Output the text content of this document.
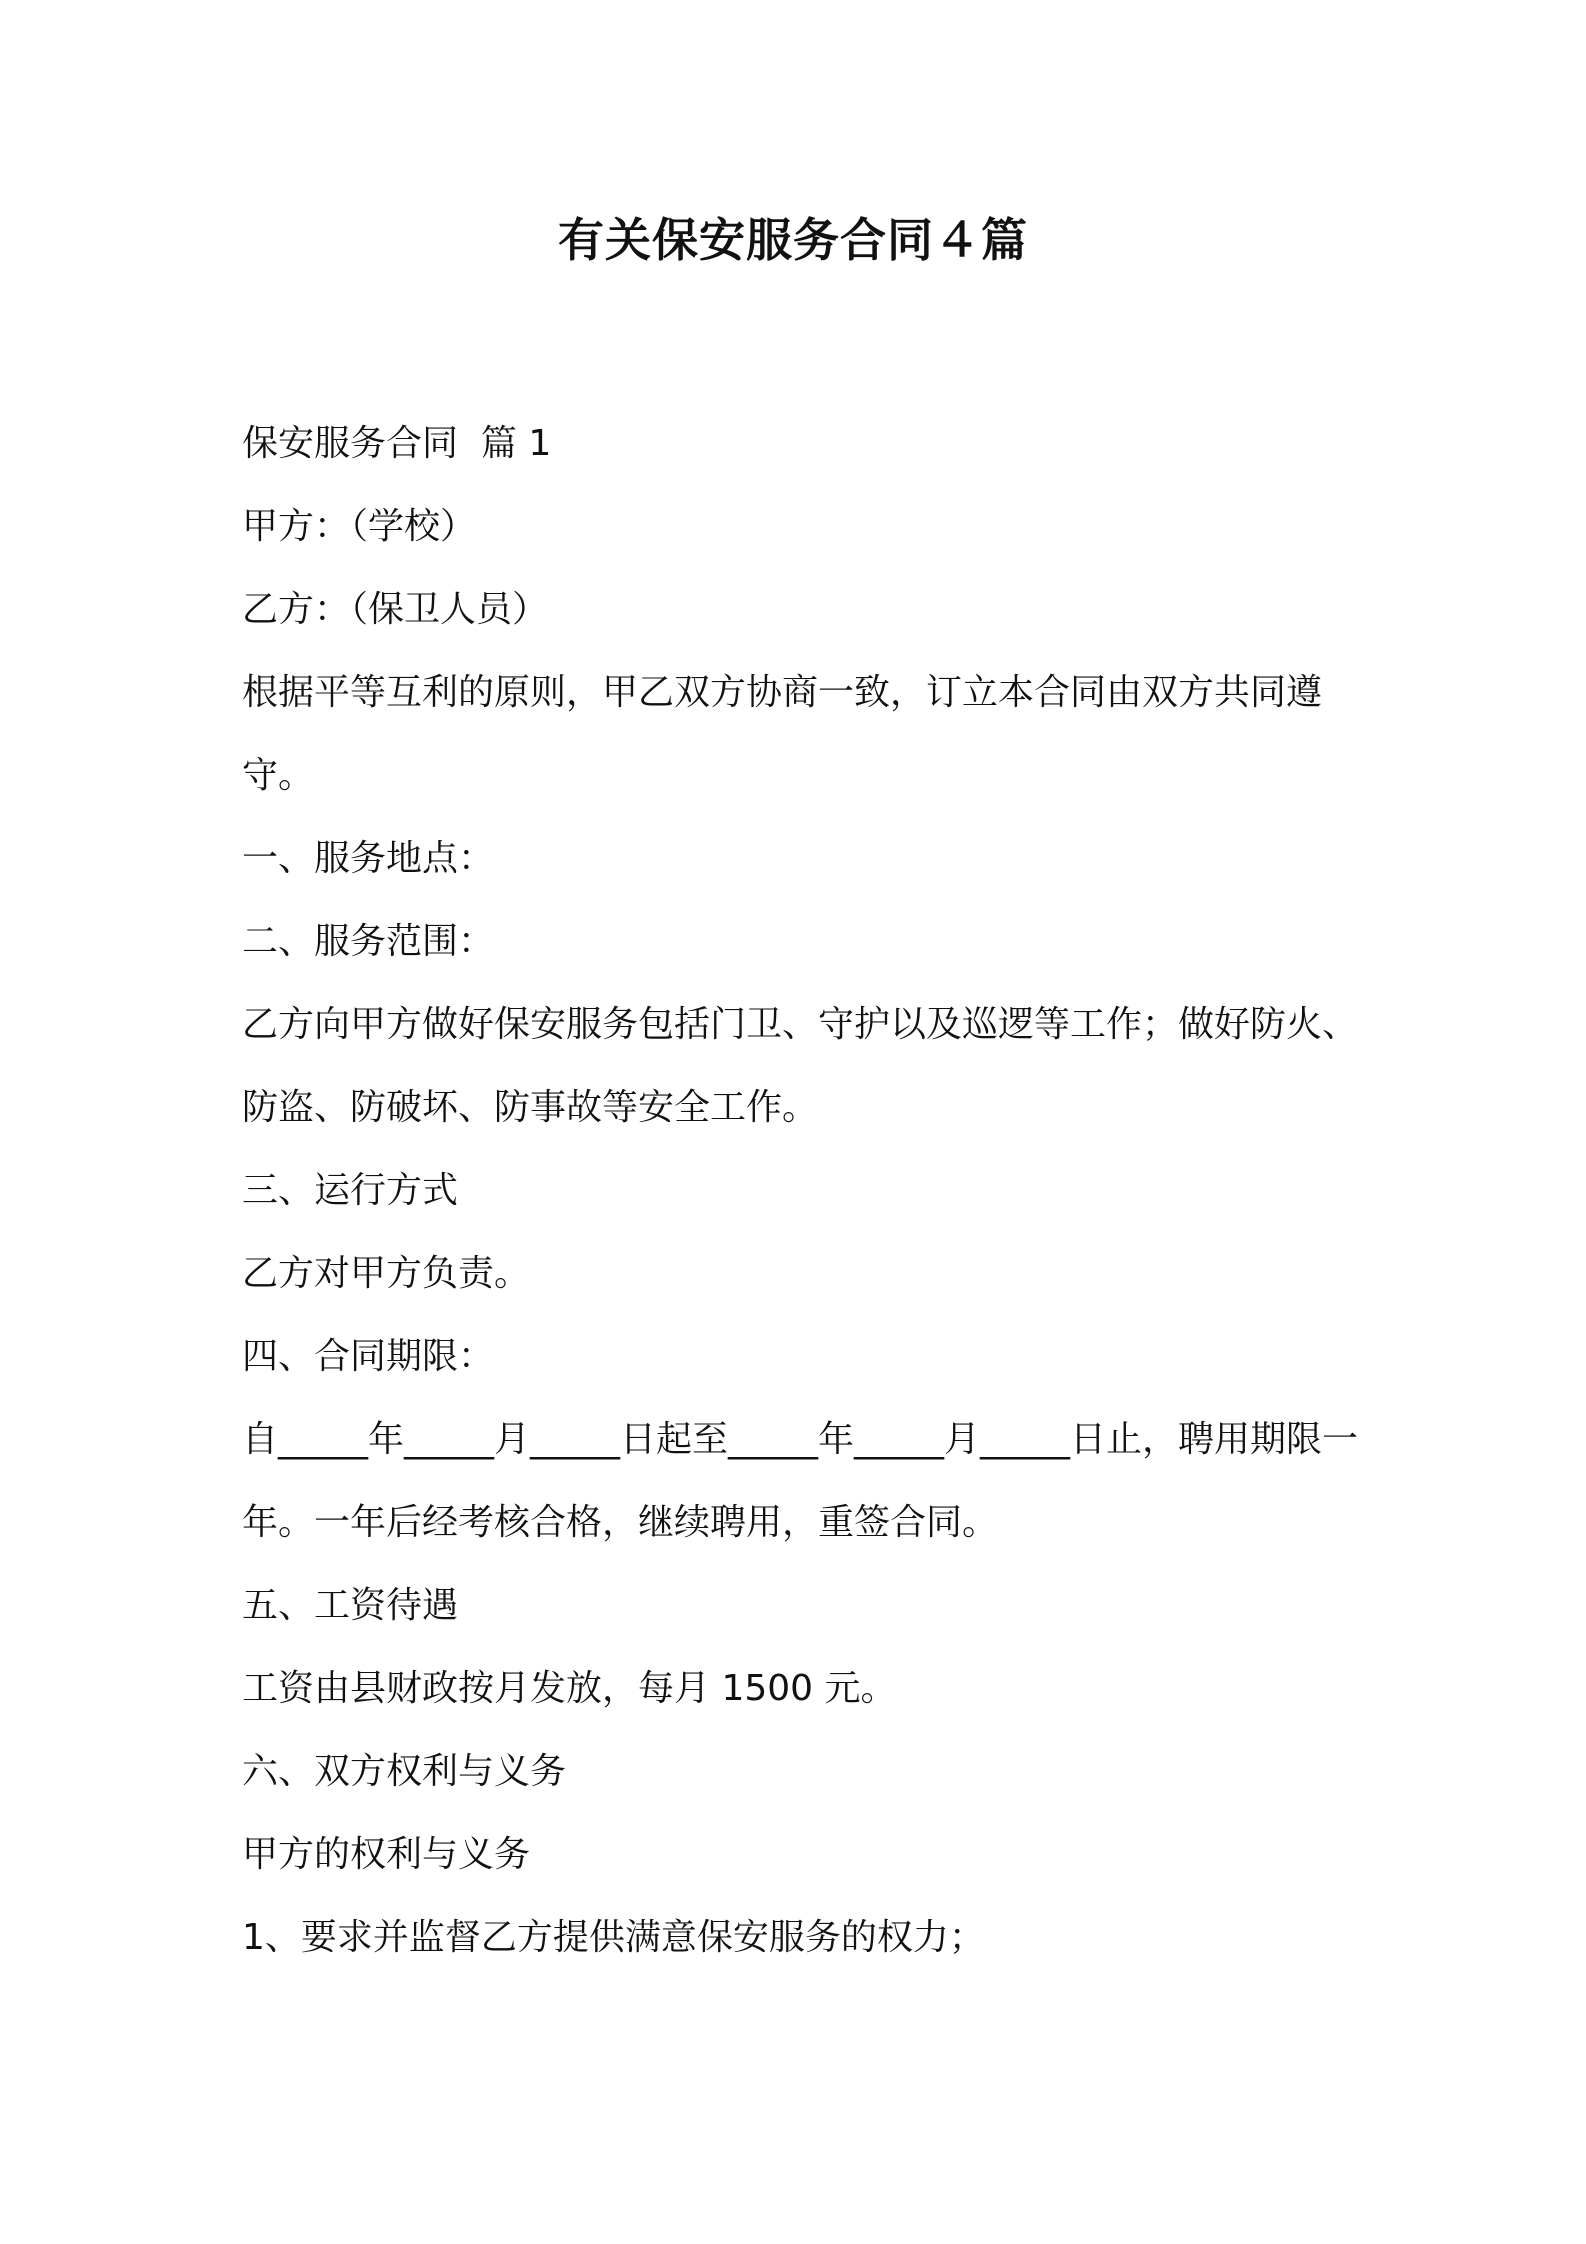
有关保安服务合同４篇

保安服务合同  篇 1

甲方：（学校）

乙方：（保卫人员）

根据平等互利的原则，甲乙双方协商一致，订立本合同由双方共同遵守。

一、服务地点：

二、服务范围：

乙方向甲方做好保安服务包括门卫、守护以及巡逻等工作；做好防火、防盗、防破坏、防事故等安全工作。

三、运行方式

乙方对甲方负责。

四、合同期限：

自_____年_____月_____日起至_____年_____月_____日止，聘用期限一年。一年后经考核合格，继续聘用，重签合同。

五、工资待遇

工资由县财政按月发放，每月 1500 元。

六、双方权利与义务

甲方的权利与义务

1、要求并监督乙方提供满意保安服务的权力；
